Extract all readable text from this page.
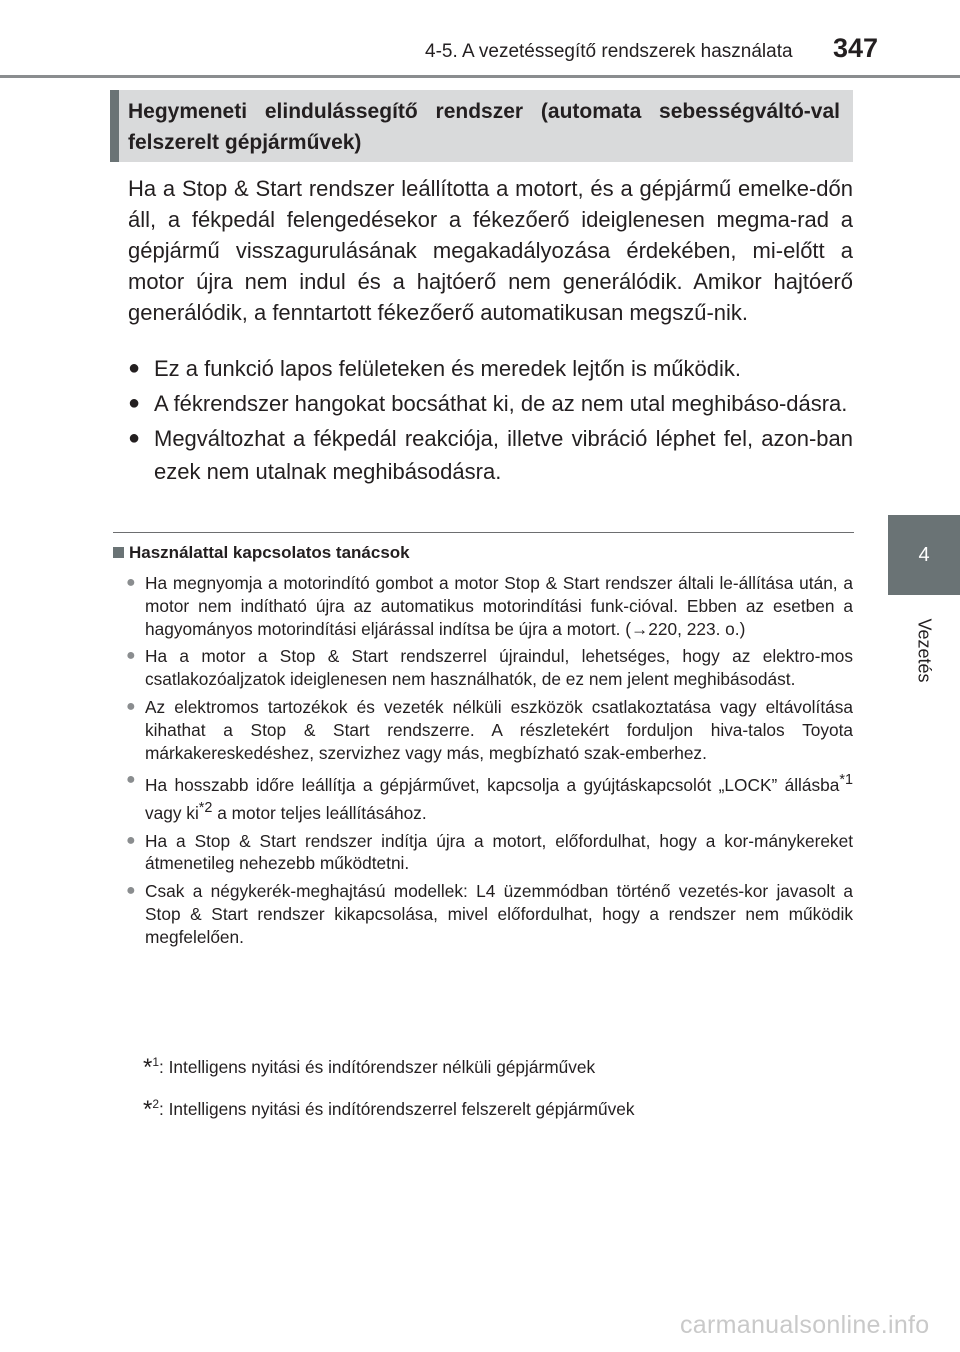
4-5. A vezetéssegítő rendszerek használata 347
4
Vezetés
Hegymeneti elindulássegítő rendszer (automata sebességváltó-val felszerelt gépjárművek)

Ha a Stop & Start rendszer leállította a motort, és a gépjármű emelke-dőn áll, a fékpedál felengedésekor a fékezőerő ideiglenesen megma-rad a gépjármű visszagurulásának megakadályozása érdekében, mi-előtt a motor újra nem indul és a hajtóerő nem generálódik. Amikor hajtóerő generálódik, a fenntartott fékezőerő automatikusan megszű-nik.

● Ez a funkció lapos felületeken és meredek lejtőn is működik.
● A fékrendszer hangokat bocsáthat ki, de az nem utal meghibáso-dásra.
● Megváltozhat a fékpedál reakciója, illetve vibráció léphet fel, azon-ban ezek nem utalnak meghibásodásra.
Használattal kapcsolatos tanácsok
● Ha megnyomja a motorindító gombot a motor Stop & Start rendszer általi le-állítása után, a motor nem indítható újra az automatikus motorindítási funk-cióval. Ebben az esetben a hagyományos motorindítási eljárással indítsa be újra a motort. (→220, 223. o.)
● Ha a motor a Stop & Start rendszerrel újraindul, lehetséges, hogy az elektro-mos csatlakozóaljzatok ideiglenesen nem használhatók, de ez nem jelent meghibásodást.
● Az elektromos tartozékok és vezeték nélküli eszközök csatlakoztatása vagy eltávolítása kihathat a Stop & Start rendszerre. A részletekért forduljon hiva-talos Toyota márkakereskedéshez, szervizhez vagy más, megbízható szak-emberhez.
● Ha hosszabb időre leállítja a gépjárművet, kapcsolja a gyújtáskapcsolót „LOCK” állásba$^{*1}$ vagy $ki^{*2}$ a motor teljes leállításához.
● Ha a Stop & Start rendszer indítja újra a motort, előfordulhat, hogy a kor-mánykereket átmenetileg nehezebb működtetni.
● Csak a négykerék-meghajtású modellek: L4 üzemmódban történő vezetés-kor javasolt a Stop & Start rendszer kikapcsolása, mivel előfordulhat, hogy a rendszer nem működik megfelelően.
*$^1$: Intelligens nyitási és indítórendszer nélküli gépjárművek
*$^2$: Intelligens nyitási és indítórendszerrel felszerelt gépjárművek
carmanualsonline.info
